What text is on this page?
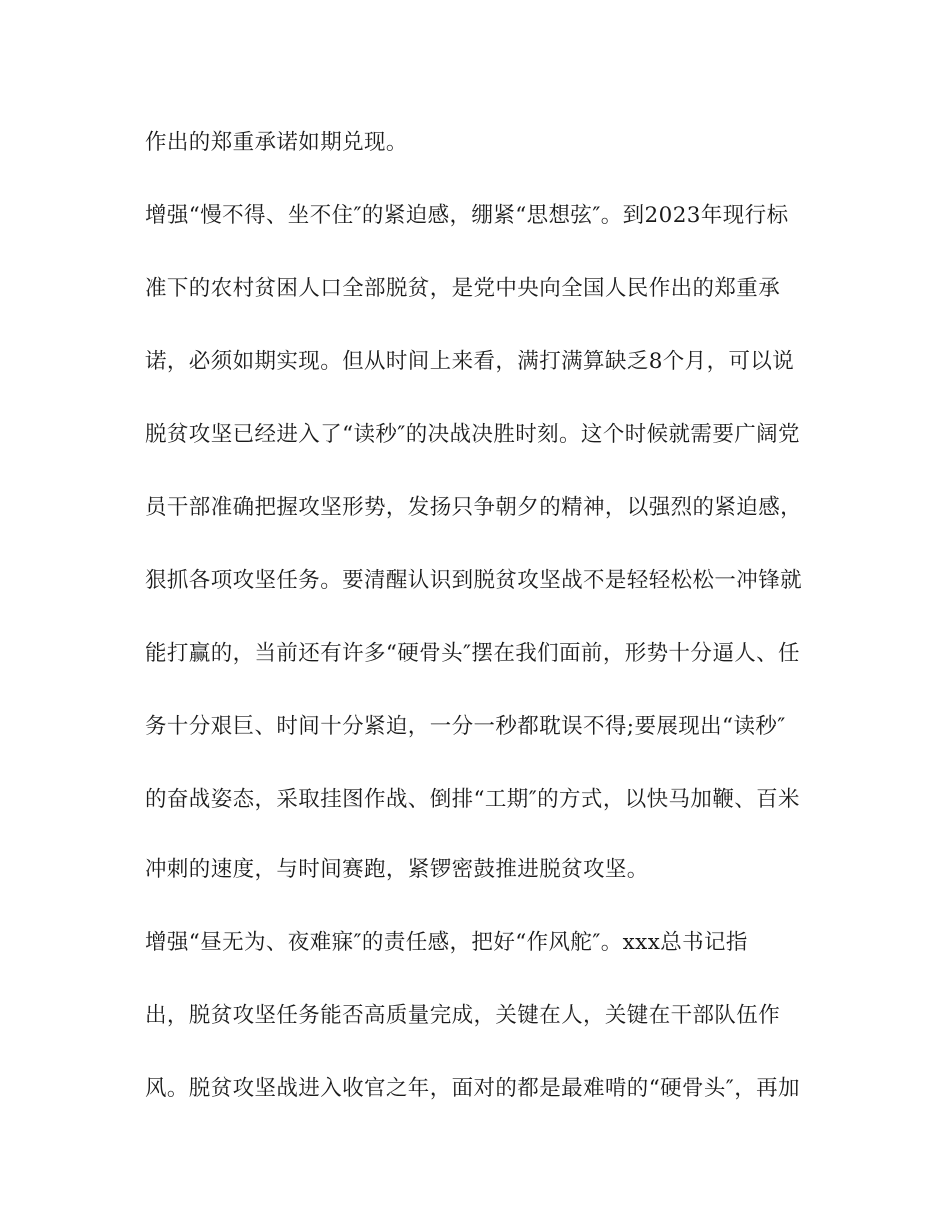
作出的郑重承诺如期兑现。
增强“慢不得、坐不住″的紧迫感，绷紧“思想弦″。到2023年现行标
准下的农村贫困人口全部脱贫，是党中央向全国人民作出的郑重承
诺，必须如期实现。但从时间上来看，满打满算缺乏8个月，可以说
脱贫攻坚已经进入了“读秒″的决战决胜时刻。这个时候就需要广阔党
员干部准确把握攻坚形势，发扬只争朝夕的精神，以强烈的紧迫感，
狠抓各项攻坚任务。要清醒认识到脱贫攻坚战不是轻轻松松一冲锋就
能打赢的，当前还有许多“硬骨头″摆在我们面前，形势十分逼人、任
务十分艰巨、时间十分紧迫，一分一秒都耽误不得;要展现出“读秒″
的奋战姿态，采取挂图作战、倒排“工期″的方式，以快马加鞭、百米
冲刺的速度，与时间赛跑，紧锣密鼓推进脱贫攻坚。
增强“昼无为、夜难寐″的责任感，把好“作风舵″。xxx总书记指
出，脱贫攻坚任务能否高质量完成，关键在人，关键在干部队伍作
风。脱贫攻坚战进入收官之年，面对的都是最难啃的“硬骨头″，再加
